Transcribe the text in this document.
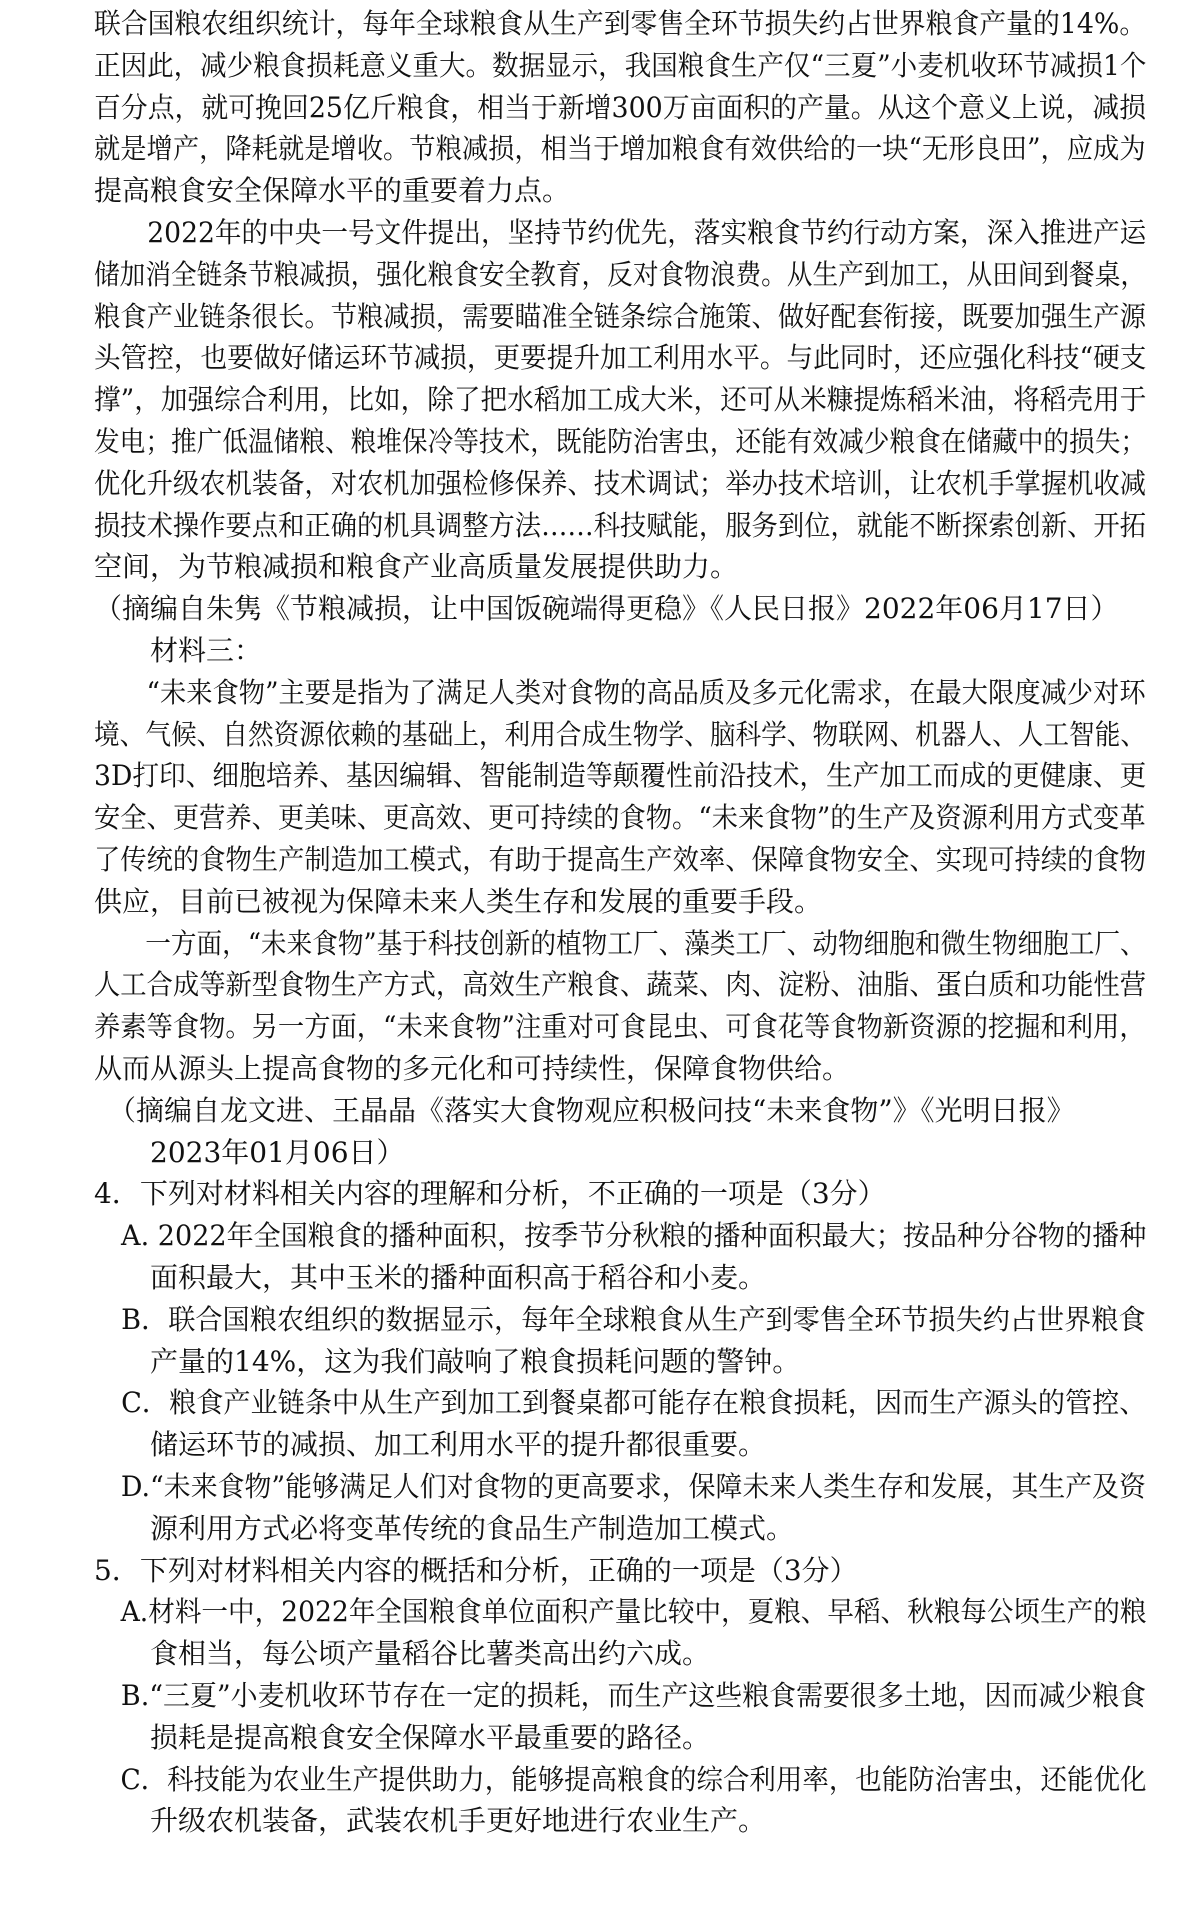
联合国粮农组织统计，每年全球粮食从生产到零售全环节损失约占世界粮食产量的14%。
正因此，减少粮食损耗意义重大。数据显示，我国粮食生产仅“三夏”小麦机收环节减损1个
百分点，就可挽回25亿斤粮食，相当于新增300万亩面积的产量。从这个意义上说，减损
就是增产，降耗就是增收。节粮减损，相当于增加粮食有效供给的一块“无形良田”，应成为
提高粮食安全保障水平的重要着力点。
　　2022年的中央一号文件提出，坚持节约优先，落实粮食节约行动方案，深入推进产运
储加消全链条节粮减损，强化粮食安全教育，反对食物浪费。从生产到加工，从田间到餐桌，
粮食产业链条很长。节粮减损，需要瞄准全链条综合施策、做好配套衔接，既要加强生产源
头管控，也要做好储运环节减损，更要提升加工利用水平。与此同时，还应强化科技“硬支
撑”，加强综合利用，比如，除了把水稻加工成大米，还可从米糠提炼稻米油，将稻壳用于
发电；推广低温储粮、粮堆保冷等技术，既能防治害虫，还能有效减少粮食在储藏中的损失；
优化升级农机装备，对农机加强检修保养、技术调试；举办技术培训，让农机手掌握机收减
损技术操作要点和正确的机具调整方法……科技赋能，服务到位，就能不断探索创新、开拓
空间，为节粮减损和粮食产业高质量发展提供助力。
（摘编自朱隽《节粮减损，让中国饭碗端得更稳》《人民日报》2022年06月17日）
　　材料三：
　　“未来食物”主要是指为了满足人类对食物的高品质及多元化需求，在最大限度减少对环
境、气候、自然资源依赖的基础上，利用合成生物学、脑科学、物联网、机器人、人工智能、
3D打印、细胞培养、基因编辑、智能制造等颠覆性前沿技术，生产加工而成的更健康、更
安全、更营养、更美味、更高效、更可持续的食物。“未来食物”的生产及资源利用方式变革
了传统的食物生产制造加工模式，有助于提高生产效率、保障食物安全、实现可持续的食物
供应，目前已被视为保障未来人类生存和发展的重要手段。
　　一方面，“未来食物”基于科技创新的植物工厂、藻类工厂、动物细胞和微生物细胞工厂、
人工合成等新型食物生产方式，高效生产粮食、蔬菜、肉、淀粉、油脂、蛋白质和功能性营
养素等食物。另一方面，“未来食物”注重对可食昆虫、可食花等食物新资源的挖掘和利用，
从而从源头上提高食物的多元化和可持续性，保障食物供给。
　（摘编自龙文进、王晶晶《落实大食物观应积极问技“未来食物”》《光明日报》
　　2023年01月06日）
4．下列对材料相关内容的理解和分析，不正确的一项是（3分）
　A. 2022年全国粮食的播种面积，按季节分秋粮的播种面积最大；按品种分谷物的播种
　　面积最大，其中玉米的播种面积高于稻谷和小麦。
　B．联合国粮农组织的数据显示，每年全球粮食从生产到零售全环节损失约占世界粮食
　　产量的14%，这为我们敲响了粮食损耗问题的警钟。
　C．粮食产业链条中从生产到加工到餐桌都可能存在粮食损耗，因而生产源头的管控、
　　储运环节的减损、加工利用水平的提升都很重要。
　D.“未来食物”能够满足人们对食物的更高要求，保障未来人类生存和发展，其生产及资
　　源利用方式必将变革传统的食品生产制造加工模式。
5．下列对材料相关内容的概括和分析，正确的一项是（3分）
　A.材料一中，2022年全国粮食单位面积产量比较中，夏粮、早稻、秋粮每公顷生产的粮
　　食相当，每公顷产量稻谷比薯类高出约六成。
　B.“三夏”小麦机收环节存在一定的损耗，而生产这些粮食需要很多土地，因而减少粮食
　　损耗是提高粮食安全保障水平最重要的路径。
　C．科技能为农业生产提供助力，能够提高粮食的综合利用率，也能防治害虫，还能优化
　　升级农机装备，武装农机手更好地进行农业生产。
